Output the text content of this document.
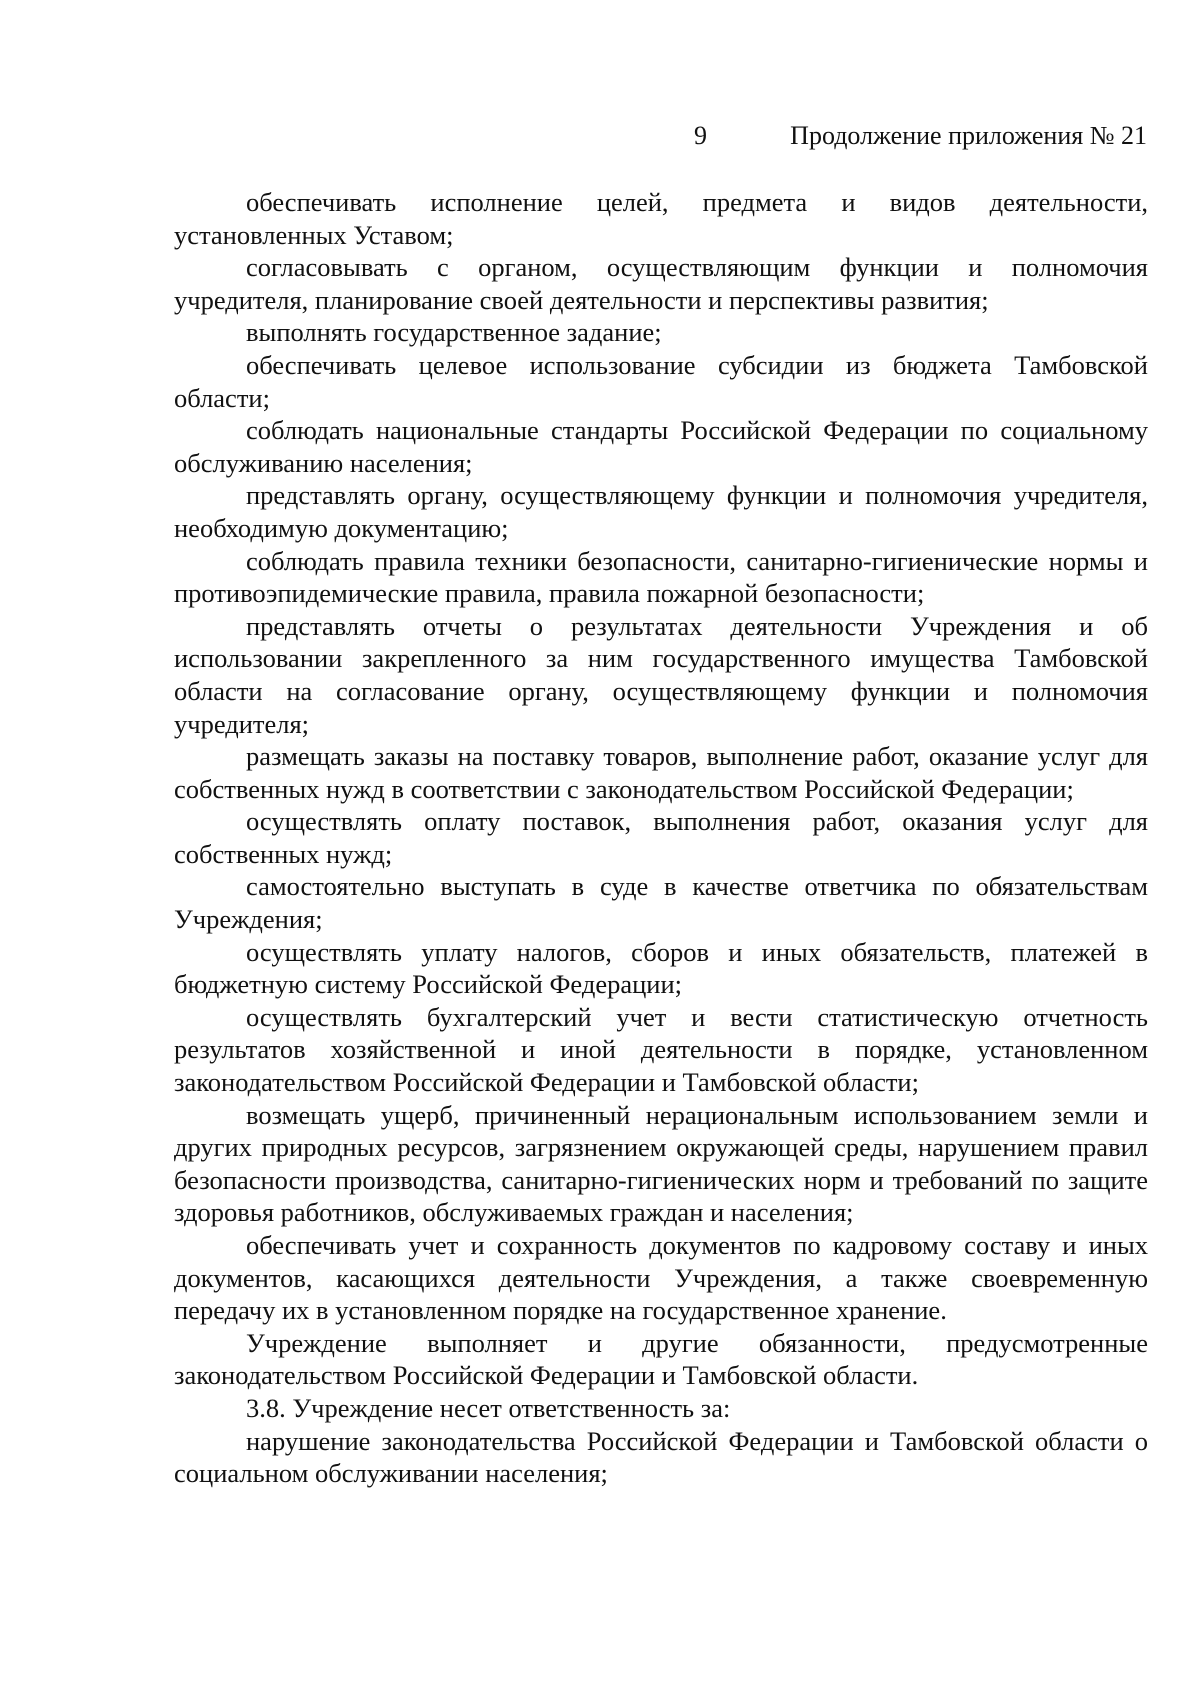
9	Продолжение приложения № 21

обеспечивать исполнение целей, предмета и видов деятельности, установленных Уставом;

согласовывать с органом, осуществляющим функции и полномочия учредителя, планирование своей деятельности и перспективы развития;

выполнять государственное задание;

обеспечивать целевое использование субсидии из бюджета Тамбовской области;

соблюдать национальные стандарты Российской Федерации по социальному обслуживанию населения;

представлять органу, осуществляющему функции и полномочия учредителя, необходимую документацию;

соблюдать правила техники безопасности, санитарно-гигиенические нормы и противоэпидемические правила, правила пожарной безопасности;

представлять отчеты о результатах деятельности Учреждения и об использовании закрепленного за ним государственного имущества Тамбовской области на согласование органу, осуществляющему функции и полномочия учредителя;

размещать заказы на поставку товаров, выполнение работ, оказание услуг для собственных нужд в соответствии с законодательством Российской Федерации;

осуществлять оплату поставок, выполнения работ, оказания услуг для собственных нужд;

самостоятельно выступать в суде в качестве ответчика по обязательствам Учреждения;

осуществлять уплату налогов, сборов и иных обязательств, платежей в бюджетную систему Российской Федерации;

осуществлять бухгалтерский учет и вести статистическую отчетность результатов хозяйственной и иной деятельности в порядке, установленном законодательством Российской Федерации и Тамбовской области;

возмещать ущерб, причиненный нерациональным использованием земли и других природных ресурсов, загрязнением окружающей среды, нарушением правил безопасности производства, санитарно-гигиенических норм и требований по защите здоровья работников, обслуживаемых граждан и населения;

обеспечивать учет и сохранность документов по кадровому составу и иных документов, касающихся деятельности Учреждения, а также своевременную передачу их в установленном порядке на государственное хранение.

Учреждение выполняет и другие обязанности, предусмотренные законодательством Российской Федерации и Тамбовской области.

3.8. Учреждение несет ответственность за:

нарушение законодательства Российской Федерации и Тамбовской области о социальном обслуживании населения;
